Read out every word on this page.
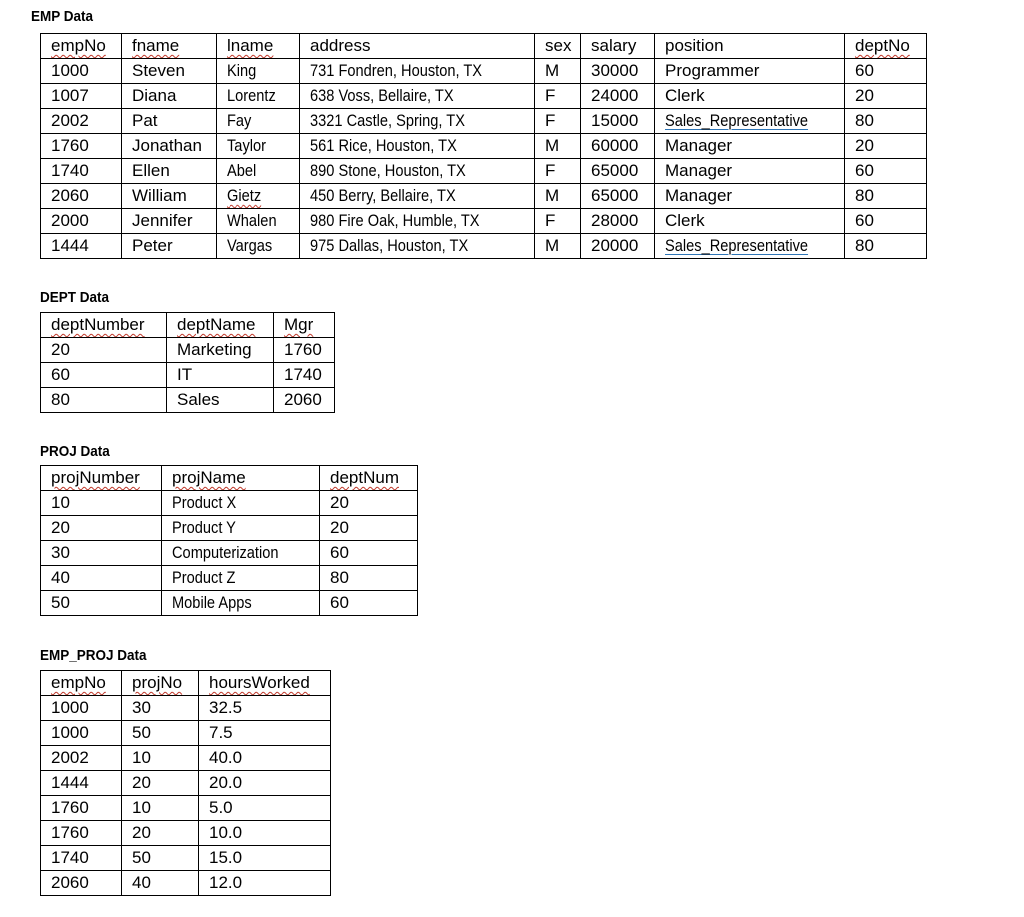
EMP Data
empNo	fname	lname	address	sex	salary	position	deptNo
1000	Steven	King	731 Fondren, Houston, TX	M	30000	Programmer	60
1007	Diana	Lorentz	638 Voss, Bellaire, TX	F	24000	Clerk	20
2002	Pat	Fay	3321 Castle, Spring, TX	F	15000	Sales_Representative	80
1760	Jonathan	Taylor	561 Rice, Houston, TX	M	60000	Manager	20
1740	Ellen	Abel	890 Stone, Houston, TX	F	65000	Manager	60
2060	William	Gietz	450 Berry, Bellaire, TX	M	65000	Manager	80
2000	Jennifer	Whalen	980 Fire Oak, Humble, TX	F	28000	Clerk	60
1444	Peter	Vargas	975 Dallas, Houston, TX	M	20000	Sales_Representative	80
DEPT Data
deptNumber	deptName	Mgr
20	Marketing	1760
60	IT	1740
80	Sales	2060
PROJ Data
projNumber	projName	deptNum
10	Product X	20
20	Product Y	20
30	Computerization	60
40	Product Z	80
50	Mobile Apps	60
EMP_PROJ Data
empNo	projNo	hoursWorked
1000	30	32.5
1000	50	7.5
2002	10	40.0
1444	20	20.0
1760	10	5.0
1760	20	10.0
1740	50	15.0
2060	40	12.0
